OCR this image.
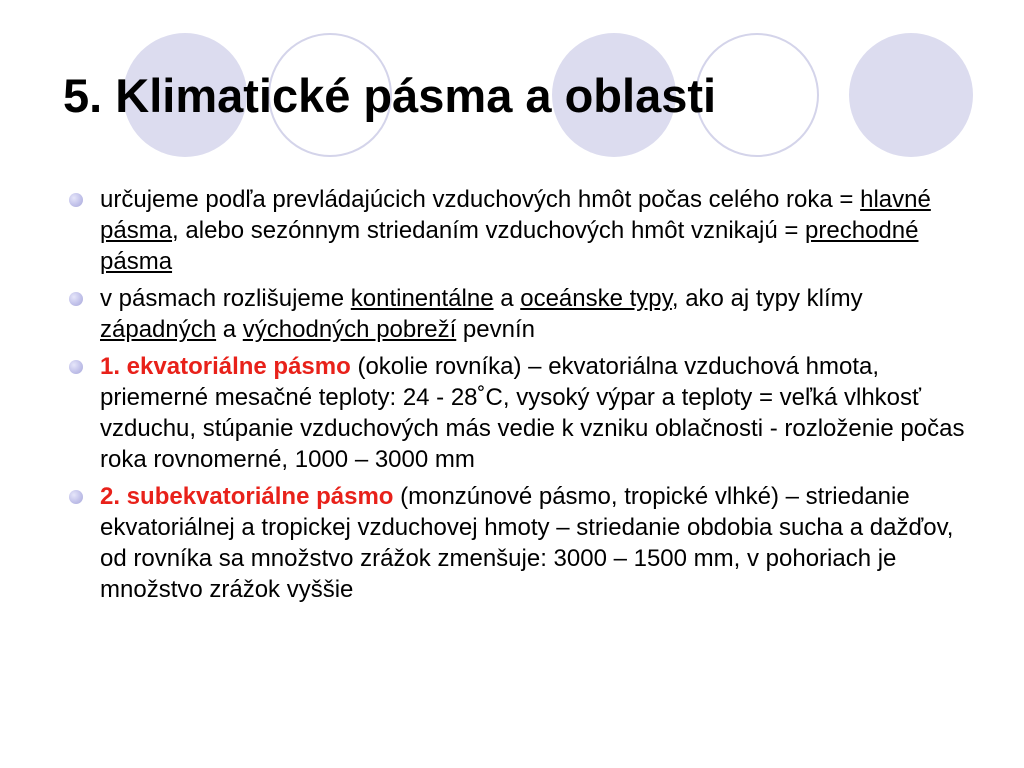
5. Klimatické pásma a oblasti
určujeme podľa prevládajúcich vzduchových hmôt počas celého roka = hlavné pásma, alebo sezónnym striedaním vzduchových hmôt vznikajú = prechodné pásma
v pásmach rozlišujeme kontinentálne a oceánske typy, ako aj typy klímy západných a východných pobreží pevnín
1. ekvatoriálne pásmo (okolie rovníka) – ekvatoriálna vzduchová hmota, priemerné mesačné teploty: 24 - 28˚C, vysoký výpar a teploty = veľká vlhkosť vzduchu, stúpanie vzduchových más vedie k vzniku oblačnosti - rozloženie počas roka rovnomerné, 1000 – 3000 mm
2. subekvatoriálne pásmo (monzúnové pásmo, tropické vlhké) – striedanie ekvatoriálnej a tropickej vzduchovej hmoty – striedanie obdobia sucha a dažďov, od rovníka sa množstvo zrážok zmenšuje: 3000 – 1500 mm, v pohoriach je množstvo zrážok vyššie
